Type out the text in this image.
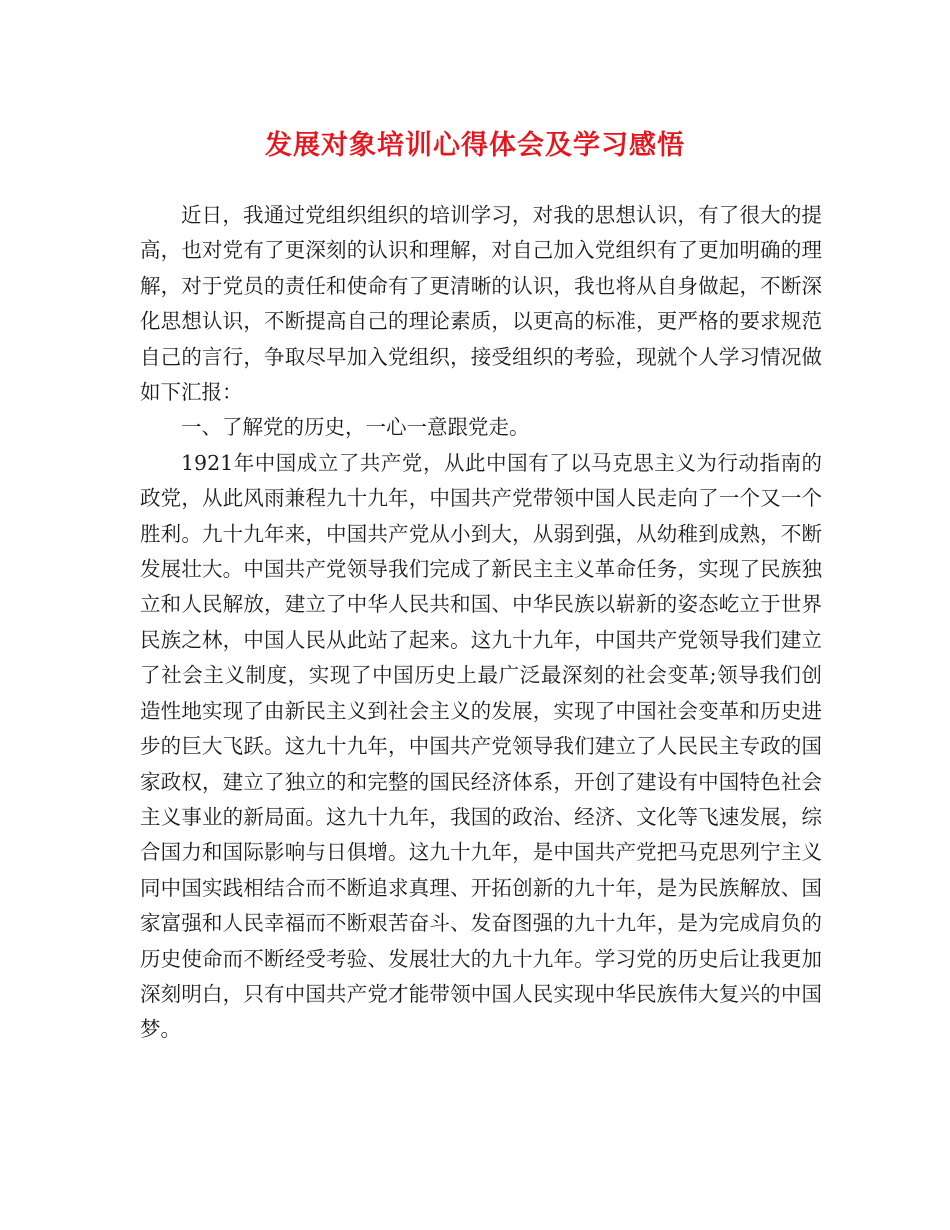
发展对象培训心得体会及学习感悟

近日，我通过党组织组织的培训学习，对我的思想认识，有了很大的提高，也对党有了更深刻的认识和理解，对自己加入党组织有了更加明确的理解，对于党员的责任和使命有了更清晰的认识，我也将从自身做起，不断深化思想认识，不断提高自己的理论素质，以更高的标准，更严格的要求规范自己的言行，争取尽早加入党组织，接受组织的考验，现就个人学习情况做如下汇报：

一、了解党的历史，一心一意跟党走。

1921年中国成立了共产党，从此中国有了以马克思主义为行动指南的政党，从此风雨兼程九十九年，中国共产党带领中国人民走向了一个又一个胜利。九十九年来，中国共产党从小到大，从弱到强，从幼稚到成熟，不断发展壮大。中国共产党领导我们完成了新民主主义革命任务，实现了民族独立和人民解放，建立了中华人民共和国、中华民族以崭新的姿态屹立于世界民族之林，中国人民从此站了起来。这九十九年，中国共产党领导我们建立了社会主义制度，实现了中国历史上最广泛最深刻的社会变革;领导我们创造性地实现了由新民主义到社会主义的发展，实现了中国社会变革和历史进步的巨大飞跃。这九十九年，中国共产党领导我们建立了人民民主专政的国家政权，建立了独立的和完整的国民经济体系，开创了建设有中国特色社会主义事业的新局面。这九十九年，我国的政治、经济、文化等飞速发展，综合国力和国际影响与日俱增。这九十九年，是中国共产党把马克思列宁主义同中国实践相结合而不断追求真理、开拓创新的九十年，是为民族解放、国家富强和人民幸福而不断艰苦奋斗、发奋图强的九十九年，是为完成肩负的历史使命而不断经受考验、发展壮大的九十九年。学习党的历史后让我更加深刻明白，只有中国共产党才能带领中国人民实现中华民族伟大复兴的中国梦。
